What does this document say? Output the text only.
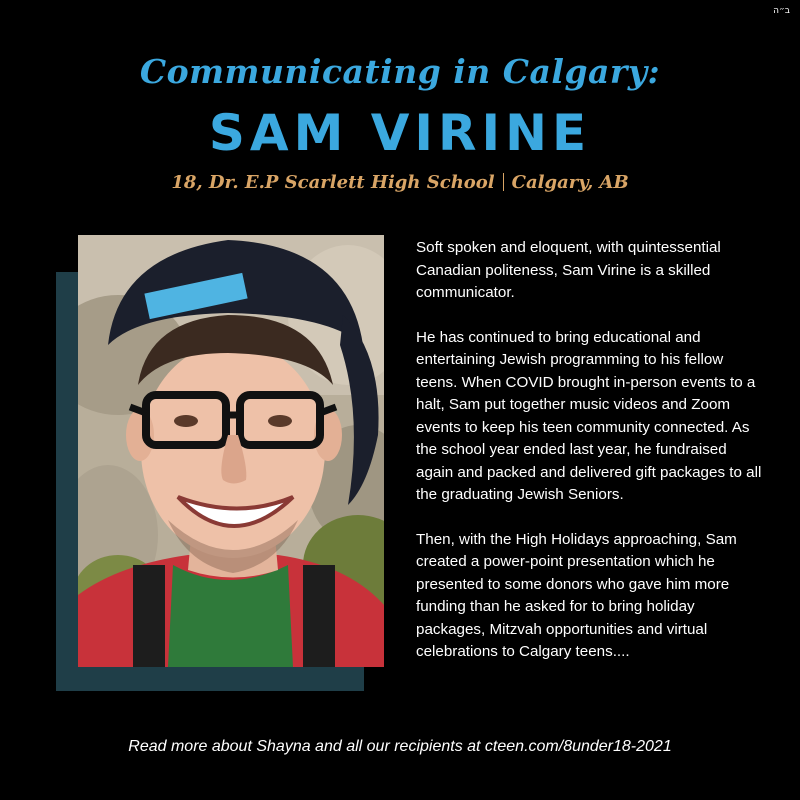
ב״ה
Communicating in Calgary:
SAM VIRINE
18, Dr. E.P Scarlett High School Calgary, AB

Soft spoken and eloquent, with quintessential Canadian politeness, Sam Virine is a skilled communicator.

He has continued to bring educational and entertaining Jewish programming to his fellow teens. When COVID brought in-person events to a halt, Sam put together music videos and Zoom events to keep his teen community connected. As the school year ended last year, he fundraised again and packed and delivered gift packages to all the graduating Jewish Seniors.

Then, with the High Holidays approaching, Sam created a power-point presentation which he presented to some donors who gave him more funding than he asked for to bring holiday packages, Mitzvah opportunities and virtual celebrations to Calgary teens....

Read more about Shayna and all our recipients at cteen.com/8under18-2021
